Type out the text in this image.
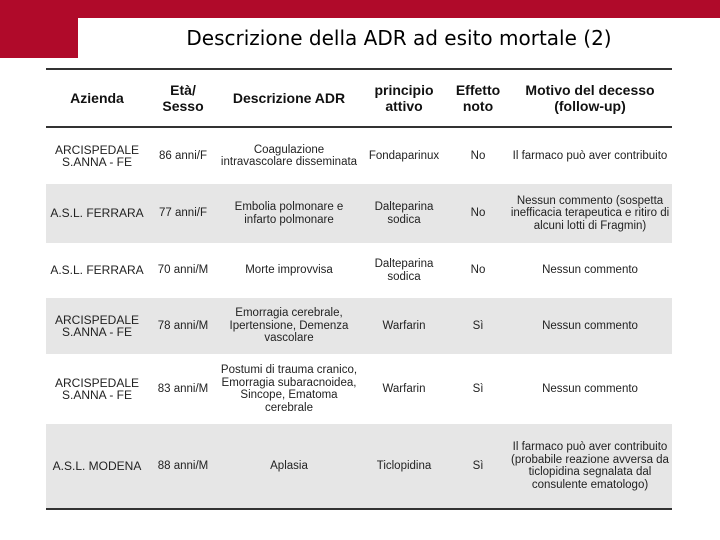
Descrizione della ADR ad esito mortale (2)
Azienda	Età/ Sesso	Descrizione ADR	principio attivo	Effetto noto	Motivo del decesso (follow-up)
ARCISPEDALE S.ANNA - FE	86 anni/F	Coagulazione intravascolare disseminata	Fondaparinux	No	Il farmaco può aver contribuito
A.S.L. FERRARA	77 anni/F	Embolia polmonare e infarto polmonare	Dalteparina sodica	No	Nessun commento (sospetta inefficacia terapeutica e ritiro di alcuni lotti di Fragmin)
A.S.L. FERRARA	70 anni/M	Morte improvvisa	Dalteparina sodica	No	Nessun commento
ARCISPEDALE S.ANNA - FE	78 anni/M	Emorragia cerebrale, Ipertensione, Demenza vascolare	Warfarin	Sì	Nessun commento
ARCISPEDALE S.ANNA - FE	83 anni/M	Postumi di trauma cranico, Emorragia subaracnoidea, Sincope, Ematoma cerebrale	Warfarin	Sì	Nessun commento
A.S.L. MODENA	88 anni/M	Aplasia	Ticlopidina	Sì	Il farmaco può aver contribuito (probabile reazione avversa da ticlopidina segnalata dal consulente ematologo)
